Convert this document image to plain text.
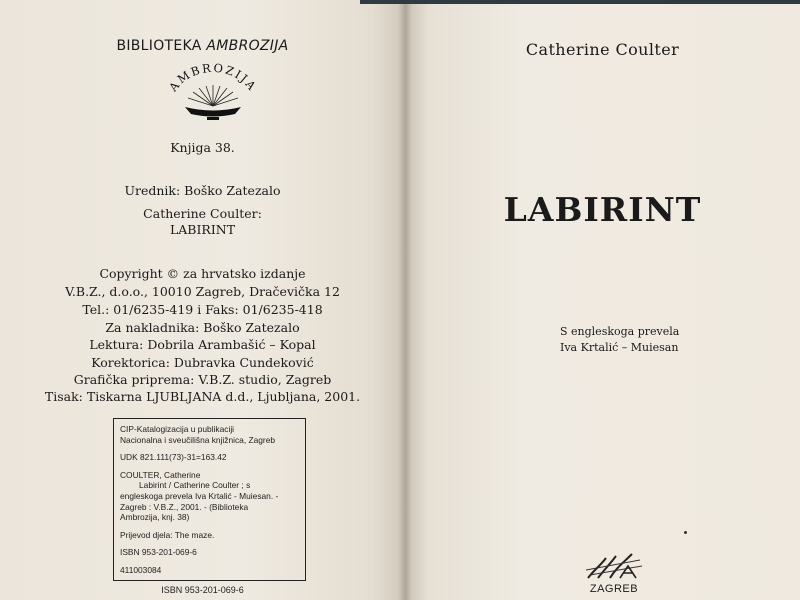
BIBLIOTEKA AMBROZIJA
AMBROZIJA
Knjiga 38.
Urednik: Boško Zatezalo
Catherine Coulter:
LABIRINT
Copyright © za hrvatsko izdanje
V.B.Z., d.o.o., 10010 Zagreb, Dračevička 12
Tel.: 01/6235-419 i Faks: 01/6235-418
Za nakladnika: Boško Zatezalo
Lektura: Dobrila Arambašić – Kopal
Korektorica: Dubravka Cundeković
Grafička priprema: V.B.Z. studio, Zagreb
Tisak: Tiskarna LJUBLJANA d.d., Ljubljana, 2001.

CIP-Katalogizacija u publikaciji

Nacionalna i sveučilišna knjižnica, Zagreb

UDK 821.111(73)-31=163.42

COULTER, Catherine

Labirint / Catherine Coulter ; s

engleskoga prevela Iva Krtalić - Muiesan. -

Zagreb : V.B.Z., 2001. - (Biblioteka

Ambrozija, knj. 38)

Prijevod djela: The maze.

ISBN 953-201-069-6

411003084

ISBN 953-201-069-6
Catherine Coulter
LABIRINT
S engleskoga prevela
Iva Krtalić – Muiesan
ZAGREB
